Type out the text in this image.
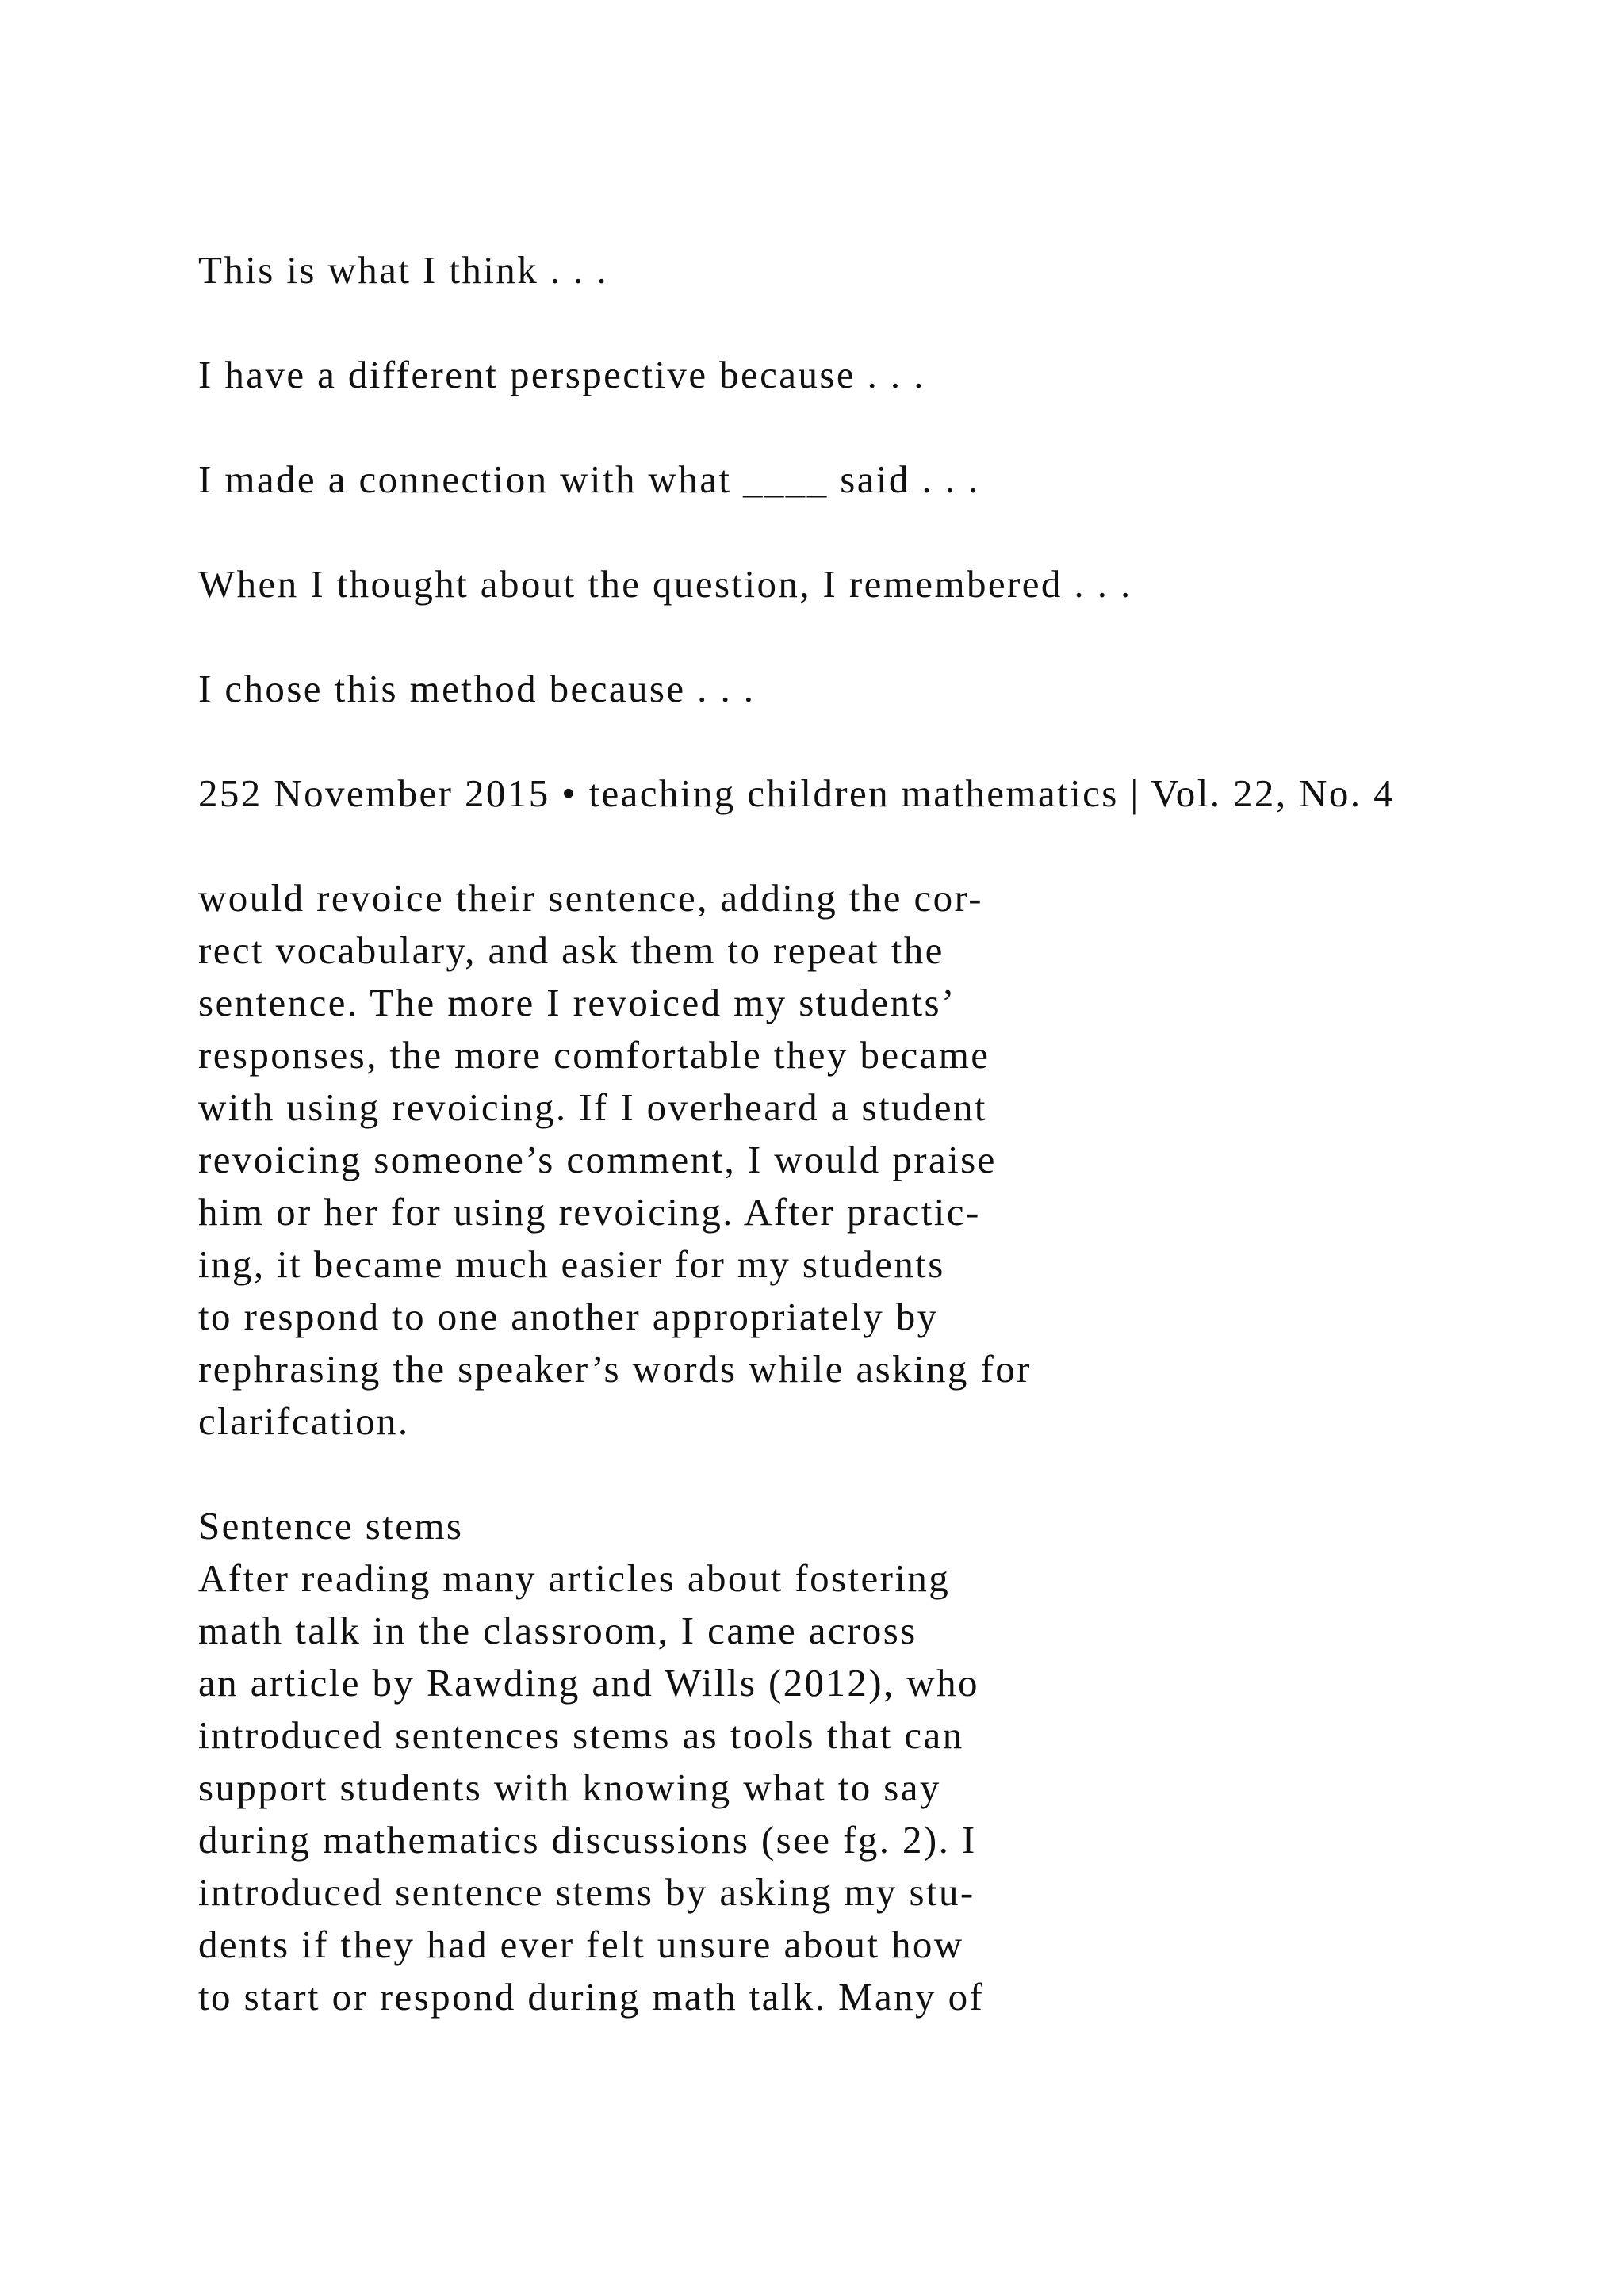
This is what I think . . .

I have a different perspective because . . .

I made a connection with what ____ said . . .

When I thought about the question, I remembered . . .

I chose this method because . . .

252 November 2015 • teaching children mathematics | Vol. 22, No. 4

would revoice their sentence, adding the cor-
rect vocabulary, and ask them to repeat the
sentence. The more I revoiced my students’
responses, the more comfortable they became
with using revoicing. If I overheard a student
revoicing someone’s comment, I would praise
him or her for using revoicing. After practic-
ing, it became much easier for my students
to respond to one another appropriately by
rephrasing the speaker’s words while asking for
clarifcation.

Sentence stems

After reading many articles about fostering
math talk in the classroom, I came across
an article by Rawding and Wills (2012), who
introduced sentences stems as tools that can
support students with knowing what to say
during mathematics discussions (see fg. 2). I
introduced sentence stems by asking my stu-
dents if they had ever felt unsure about how
to start or respond during math talk. Many of
